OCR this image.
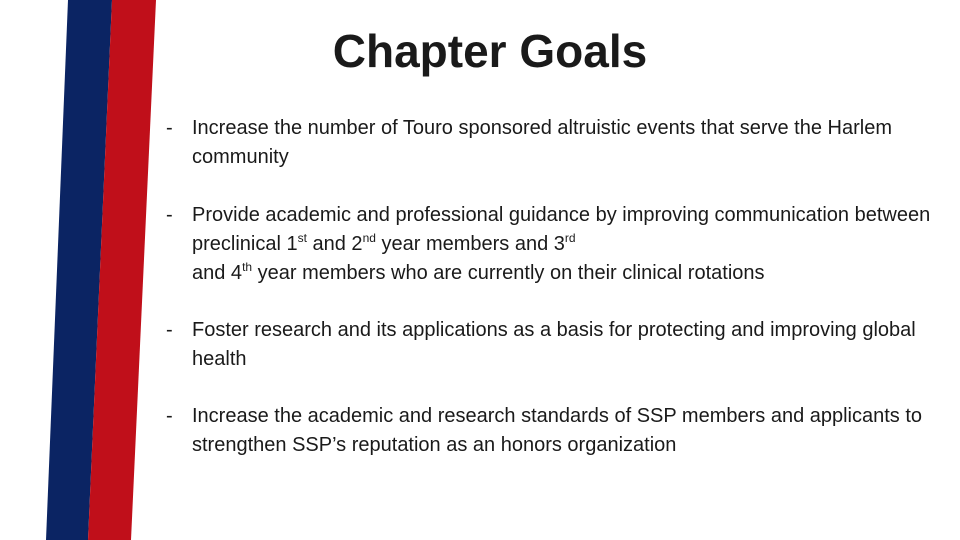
Chapter Goals
- Increase the number of Touro sponsored altruistic events that serve the Harlem community
- Provide academic and professional guidance by improving communication between preclinical 1st and 2nd year members and 3rd
and 4th year members who are currently on their clinical rotations
- Foster research and its applications as a basis for protecting and improving global health
- Increase the academic and research standards of SSP members and applicants to strengthen SSP’s reputation as an honors organization
